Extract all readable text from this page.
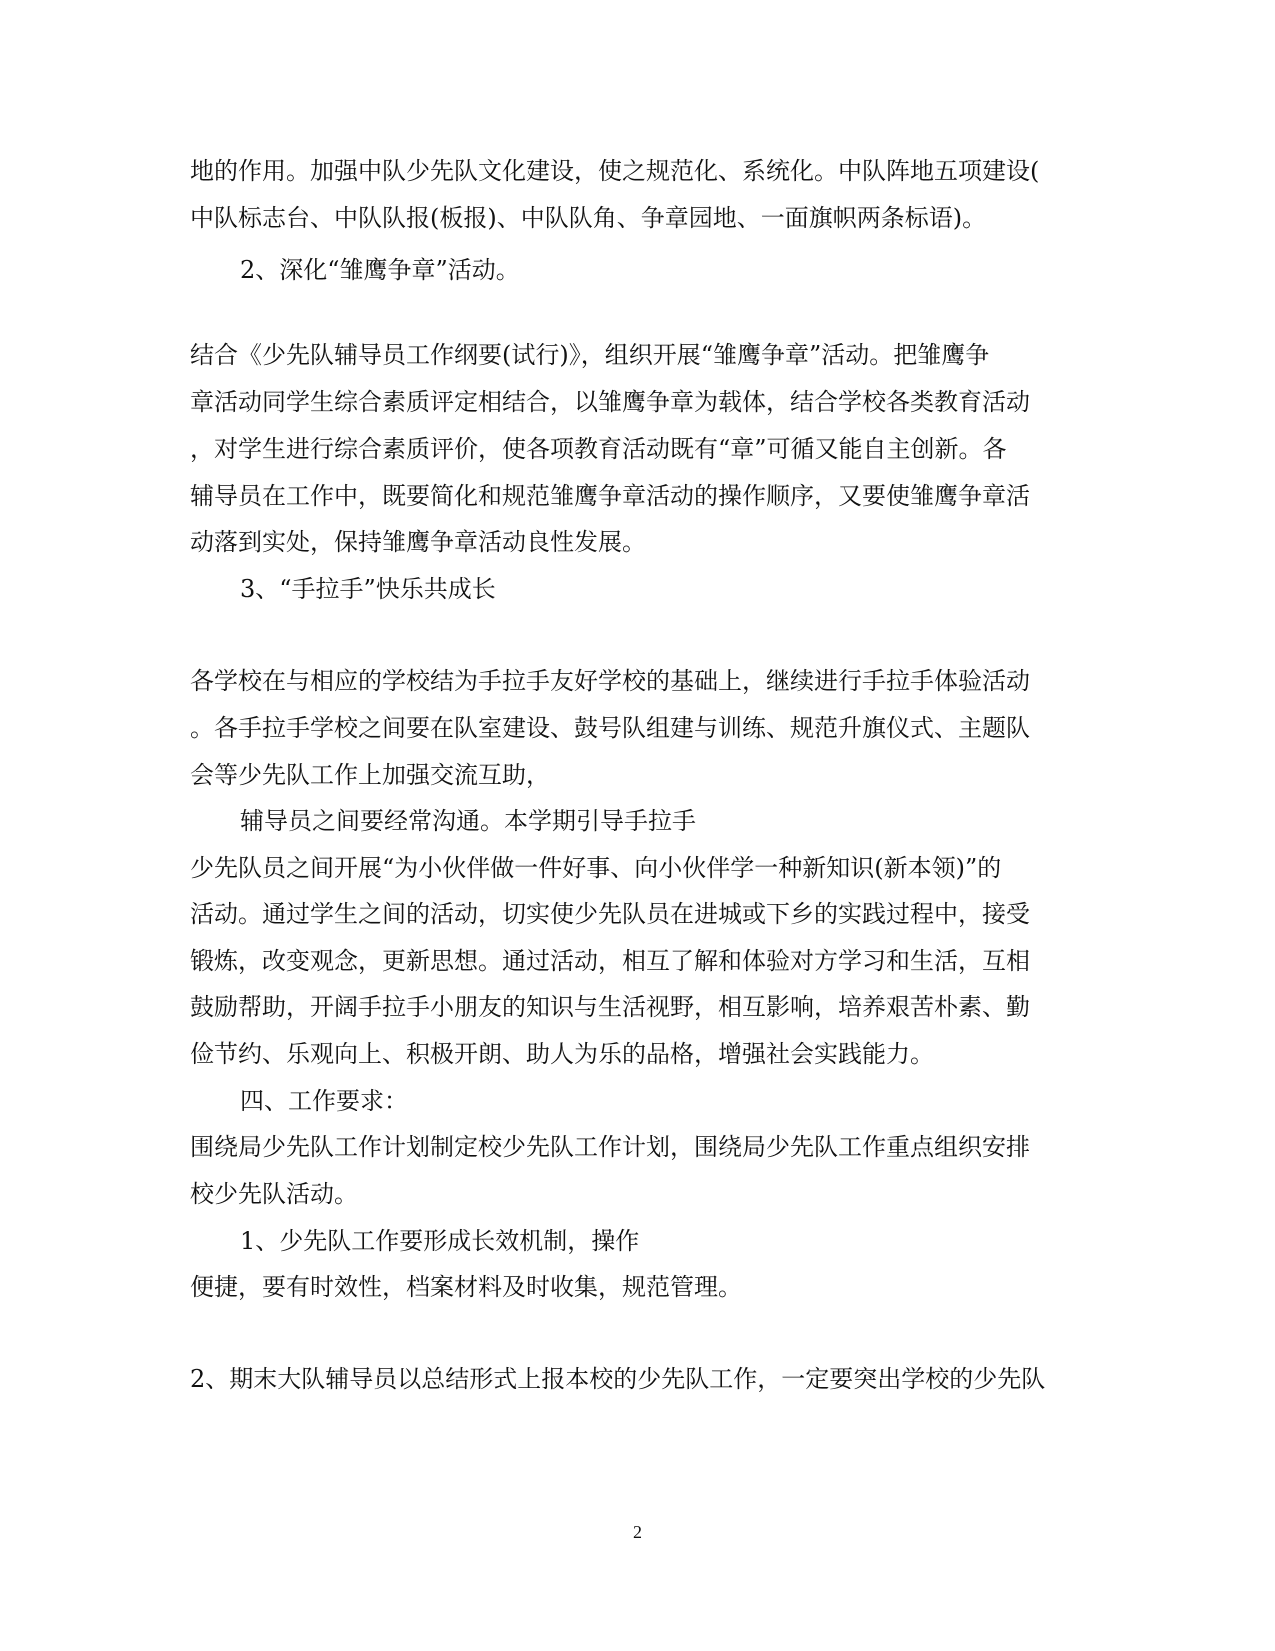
地的作用。加强中队少先队文化建设，使之规范化、系统化。中队阵地五项建设(
中队标志台、中队队报(板报)、中队队角、争章园地、一面旗帜两条标语)。
2、深化“雏鹰争章”活动。
结合《少先队辅导员工作纲要(试行)》，组织开展“雏鹰争章”活动。把雏鹰争
章活动同学生综合素质评定相结合，以雏鹰争章为载体，结合学校各类教育活动
，对学生进行综合素质评价，使各项教育活动既有“章”可循又能自主创新。各
辅导员在工作中，既要简化和规范雏鹰争章活动的操作顺序，又要使雏鹰争章活
动落到实处，保持雏鹰争章活动良性发展。
3、“手拉手”快乐共成长
各学校在与相应的学校结为手拉手友好学校的基础上，继续进行手拉手体验活动
。各手拉手学校之间要在队室建设、鼓号队组建与训练、规范升旗仪式、主题队
会等少先队工作上加强交流互助，
辅导员之间要经常沟通。本学期引导手拉手
少先队员之间开展“为小伙伴做一件好事、向小伙伴学一种新知识(新本领)”的
活动。通过学生之间的活动，切实使少先队员在进城或下乡的实践过程中，接受
锻炼，改变观念，更新思想。通过活动，相互了解和体验对方学习和生活，互相
鼓励帮助，开阔手拉手小朋友的知识与生活视野，相互影响，培养艰苦朴素、勤
俭节约、乐观向上、积极开朗、助人为乐的品格，增强社会实践能力。
四、工作要求：
围绕局少先队工作计划制定校少先队工作计划，围绕局少先队工作重点组织安排
校少先队活动。
1、少先队工作要形成长效机制，操作
便捷，要有时效性，档案材料及时收集，规范管理。
2、期末大队辅导员以总结形式上报本校的少先队工作，一定要突出学校的少先队
2
